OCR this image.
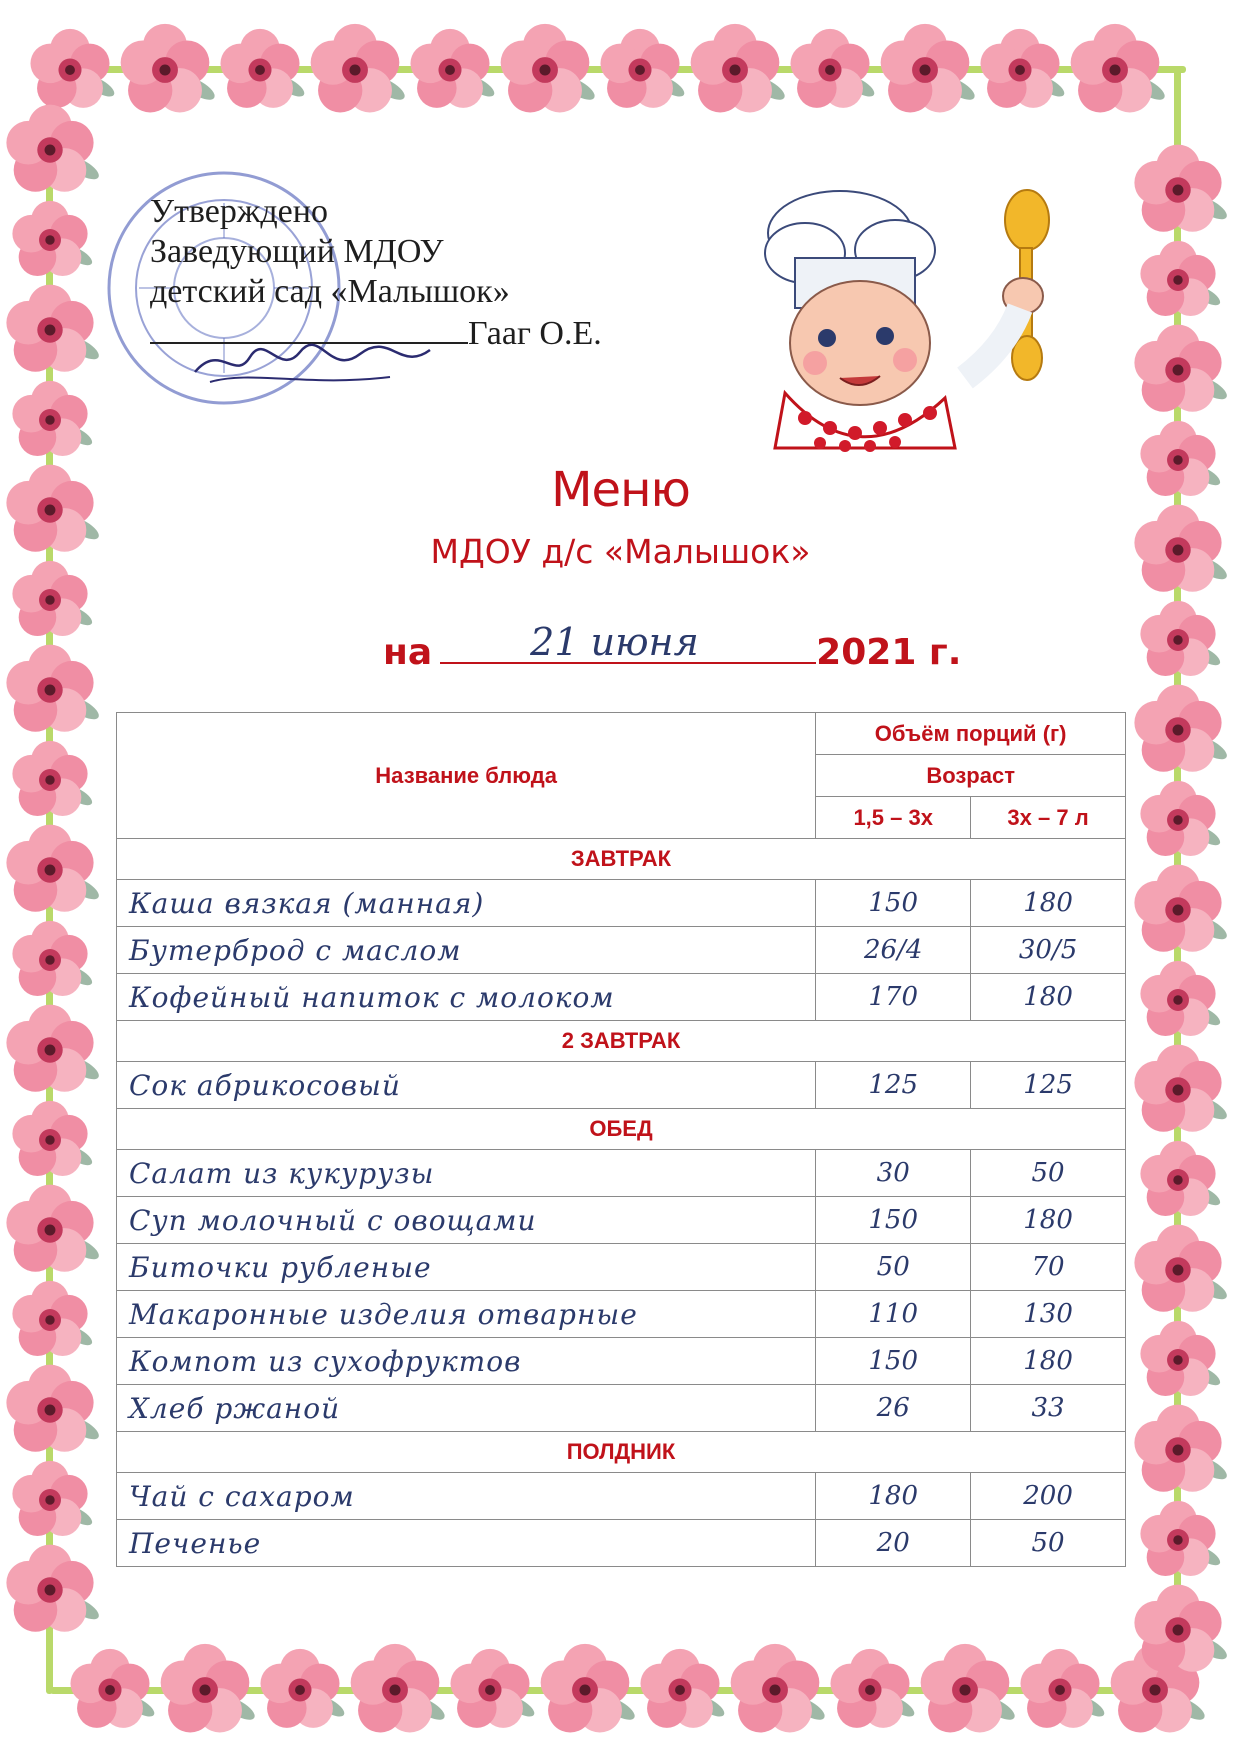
Утверждено
Заведующий МДОУ
детский сад «Малышок»
Гааг О.Е.
Меню
МДОУ д/с «Малышок»
на	21 июня	2021 г.
Название блюда	Объём порций (г)	
	Возраст	
	1,5 – 3х	3х – 7 л
ЗАВТРАК		
Каша вязкая (манная)	150	180
Бутерброд с маслом	26/4	30/5
Кофейный напиток с молоком	170	180
2 ЗАВТРАК		
Сок абрикосовый	125	125
ОБЕД		
Салат из кукурузы	30	50
Суп молочный с овощами	150	180
Биточки рубленые	50	70
Макаронные изделия отварные	110	130
Компот из сухофруктов	150	180
Хлеб ржаной	26	33
ПОЛДНИК		
Чай с сахаром	180	200
Печенье	20	50
